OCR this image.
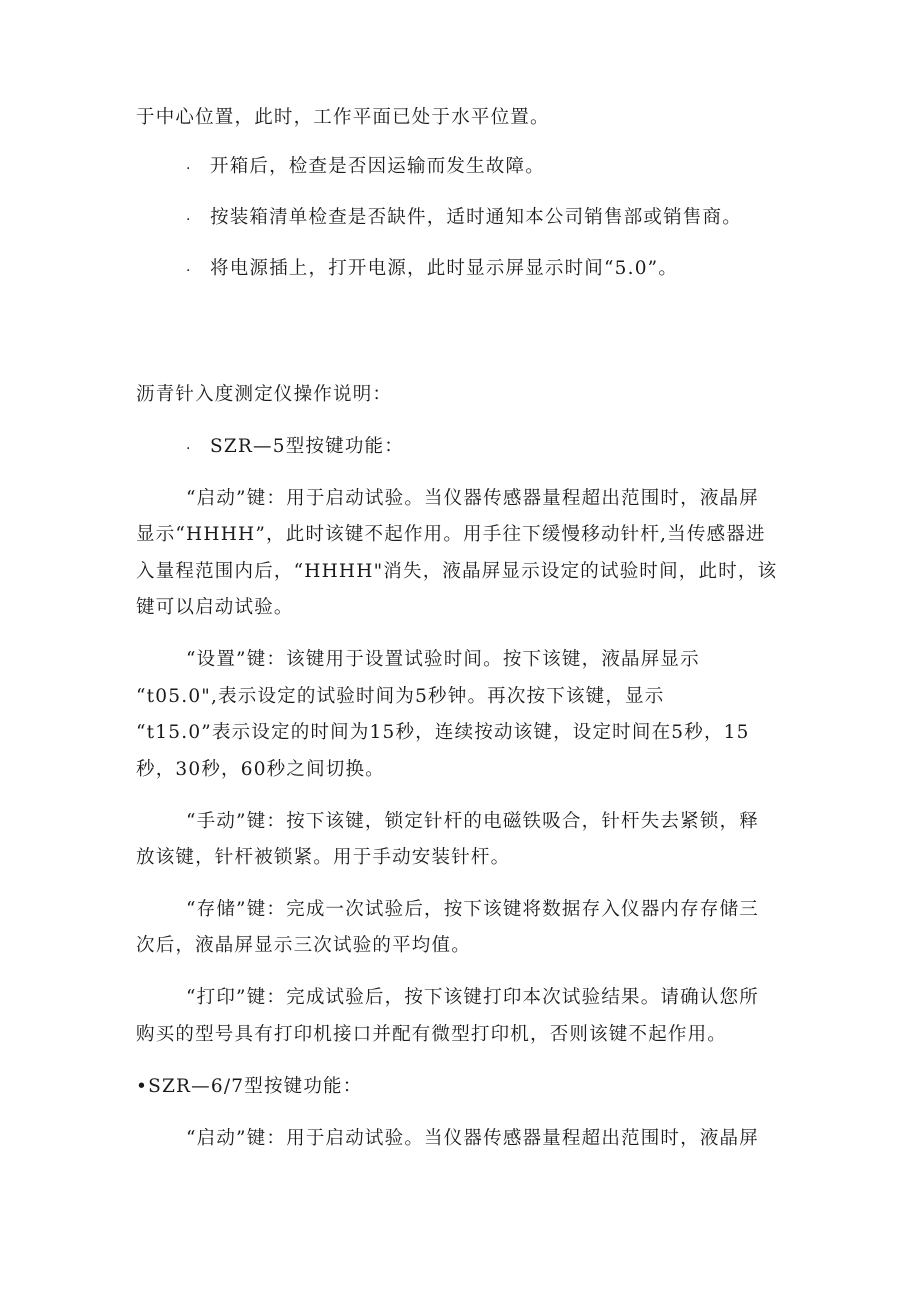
于中心位置，此时，工作平面已处于水平位置。
· 开箱后，检查是否因运输而发生故障。
· 按装箱清单检查是否缺件，适时通知本公司销售部或销售商。
· 将电源插上，打开电源，此时显示屏显示时间“5.0”。
沥青针入度测定仪操作说明：
· SZR—5型按键功能：
“启动”键：用于启动试验。当仪器传感器量程超出范围时，液晶屏
显示“HHHH”，此时该键不起作用。用手往下缓慢移动针杆,当传感器进
入量程范围内后，“HHHH"消失，液晶屏显示设定的试验时间，此时，该
键可以启动试验。
“设置”键：该键用于设置试验时间。按下该键，液晶屏显示
“t05.0",表示设定的试验时间为5秒钟。再次按下该键，显示
“t15.0”表示设定的时间为15秒，连续按动该键，设定时间在5秒，15
秒，30秒，60秒之间切换。
“手动”键：按下该键，锁定针杆的电磁铁吸合，针杆失去紧锁，释
放该键，针杆被锁紧。用于手动安装针杆。
“存储”键：完成一次试验后，按下该键将数据存入仪器内存存储三
次后，液晶屏显示三次试验的平均值。
“打印”键：完成试验后，按下该键打印本次试验结果。请确认您所
购买的型号具有打印机接口并配有微型打印机，否则该键不起作用。
•SZR—6/7型按键功能：
“启动”键：用于启动试验。当仪器传感器量程超出范围时，液晶屏
